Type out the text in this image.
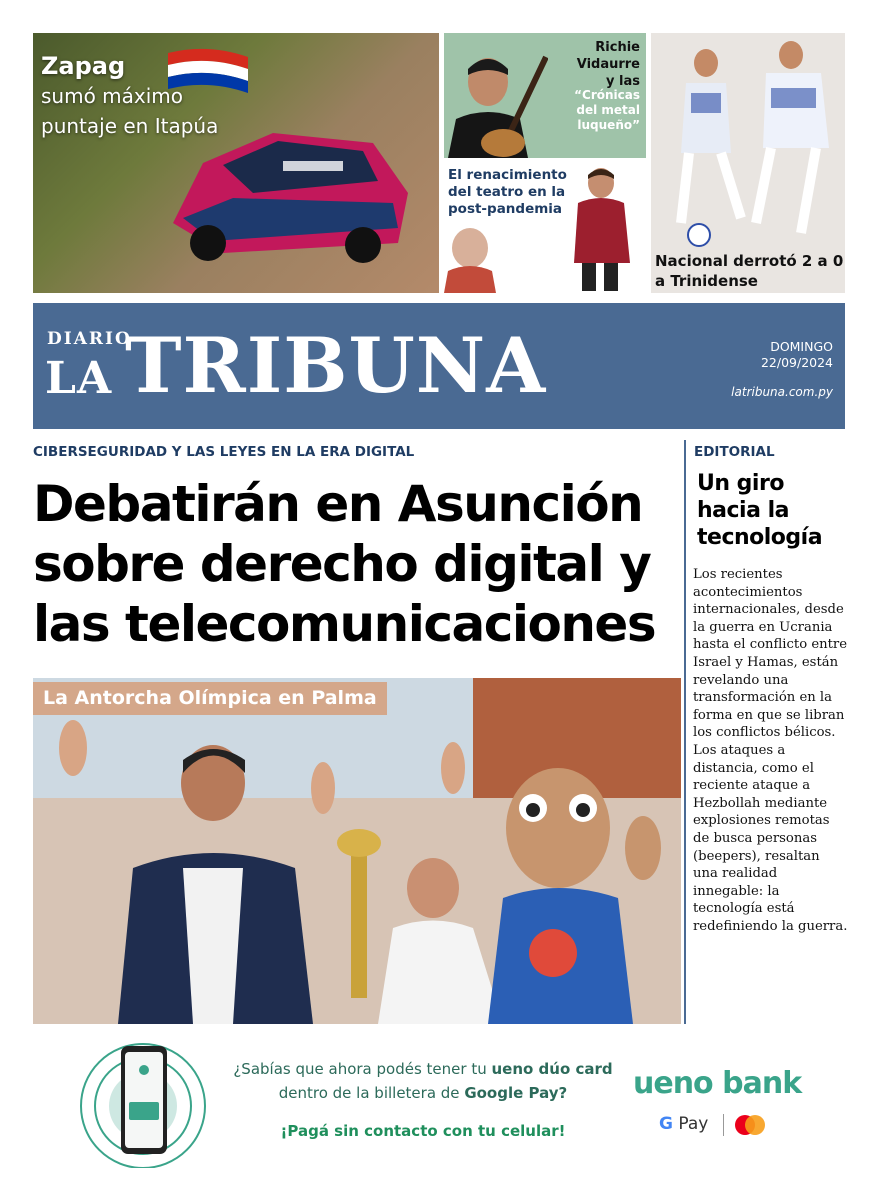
Zapag
sumó máximo puntaje en Itapúa
Richie Vidaurre y las
“Crónicas del metal luqueño”
El renacimiento del teatro en la post-pandemia
Nacional derrotó 2 a 0 a Trinidense
DIARIO
LA TRIBUNA	DOMINGO
22/09/2024
latribuna.com.py
CIBERSEGURIDAD Y LAS LEYES EN LA ERA DIGITAL
Debatirán en Asunción sobre derecho digital y las telecomunicaciones
La Antorcha Olímpica en Palma
EDITORIAL
Un giro hacia la tecnología
Los recientes acontecimientos internacionales, desde la guerra en Ucrania hasta el conflicto entre Israel y Hamas, están revelando una transformación en la forma en que se libran los conflictos bélicos. Los ataques a distancia, como el reciente ataque a Hezbollah mediante explosiones remotas de busca personas (beepers), resaltan una realidad innegable: la tecnología está redefiniendo la guerra.
¿Sabías que ahora podés tener tu ueno dúo card
dentro de la billetera de Google Pay?
¡Pagá sin contacto con tu celular!
ueno bank
G Pay
